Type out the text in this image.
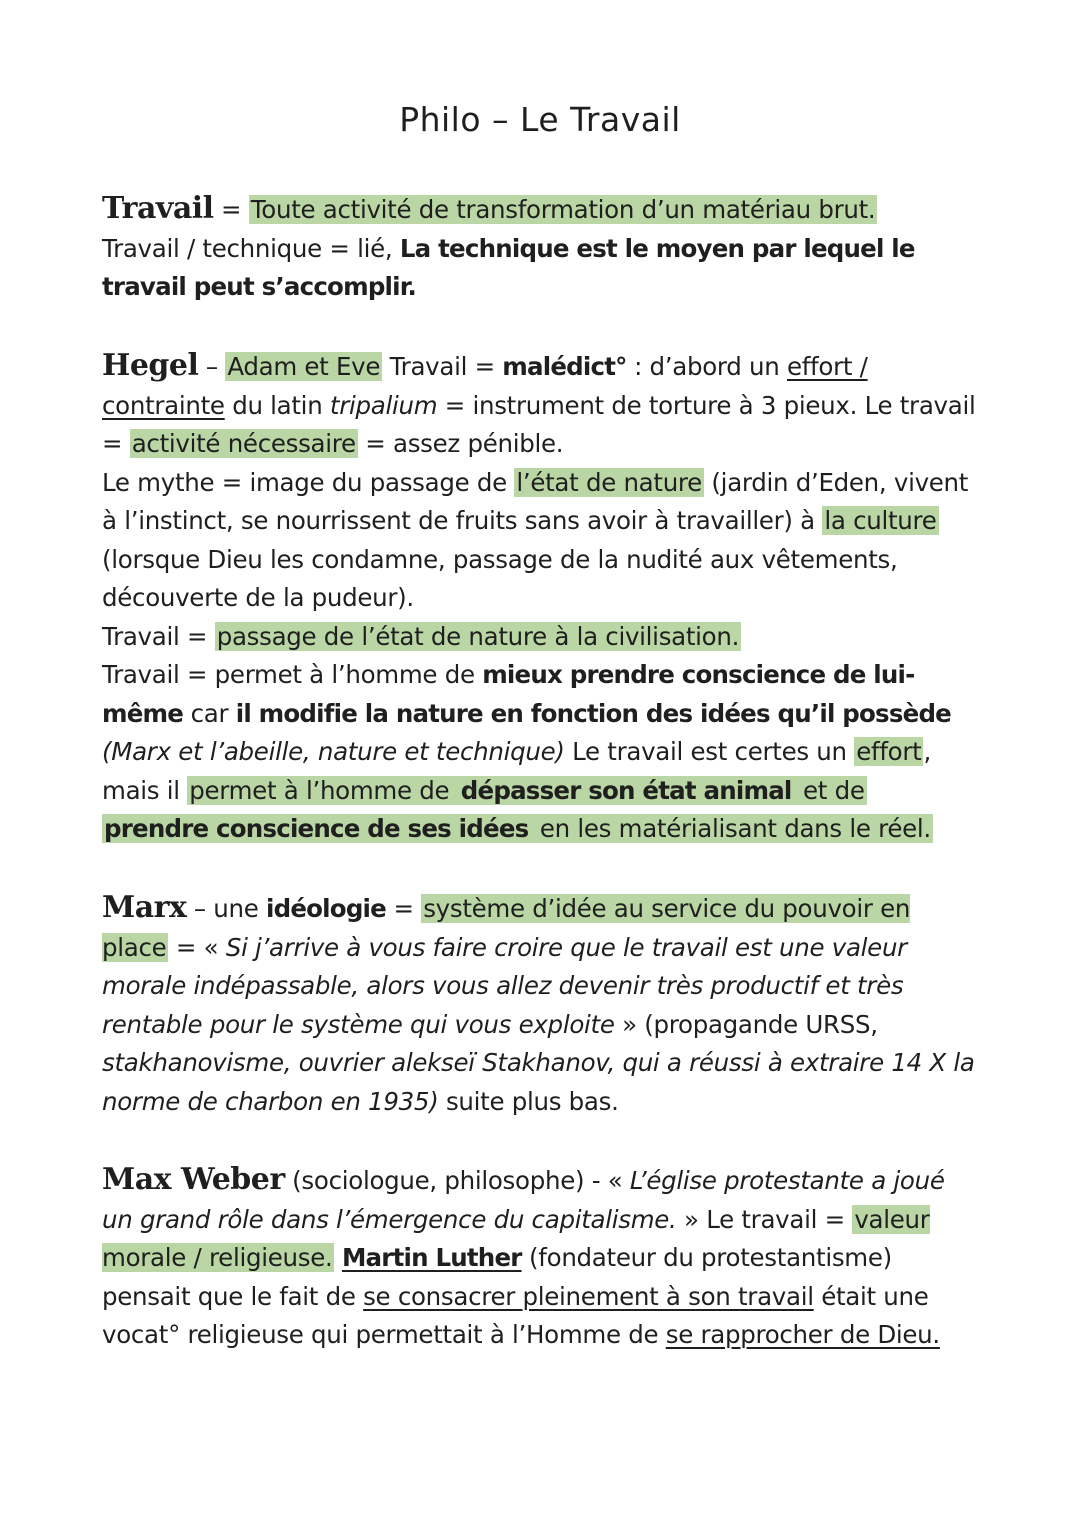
Philo – Le Travail
Travail = Toute activité de transformation d’un matériau brut.
Travail / technique = lié, La technique est le moyen par lequel le travail peut s’accomplir.
Hegel – Adam et Eve Travail = malédict° : d’abord un effort / contrainte du latin tripalium = instrument de torture à 3 pieux. Le travail = activité nécessaire = assez pénible.
Le mythe = image du passage de l’état de nature (jardin d’Eden, vivent à l’instinct, se nourrissent de fruits sans avoir à travailler) à la culture (lorsque Dieu les condamne, passage de la nudité aux vêtements, découverte de la pudeur).
Travail = passage de l’état de nature à la civilisation.
Travail = permet à l’homme de mieux prendre conscience de lui-même car il modifie la nature en fonction des idées qu’il possède (Marx et l’abeille, nature et technique) Le travail est certes un effort, mais il permet à l’homme de dépasser son état animal et de prendre conscience de ses idées en les matérialisant dans le réel.
Marx – une idéologie = système d’idée au service du pouvoir en place = « Si j’arrive à vous faire croire que le travail est une valeur morale indépassable, alors vous allez devenir très productif et très rentable pour le système qui vous exploite » (propagande URSS, stakhanovisme, ouvrier alekseï Stakhanov, qui a réussi à extraire 14 X la norme de charbon en 1935) suite plus bas.
Max Weber (sociologue, philosophe) - « L’église protestante a joué un grand rôle dans l’émergence du capitalisme. » Le travail = valeur morale / religieuse. Martin Luther (fondateur du protestantisme) pensait que le fait de se consacrer pleinement à son travail était une vocat° religieuse qui permettait à l’Homme de se rapprocher de Dieu.
